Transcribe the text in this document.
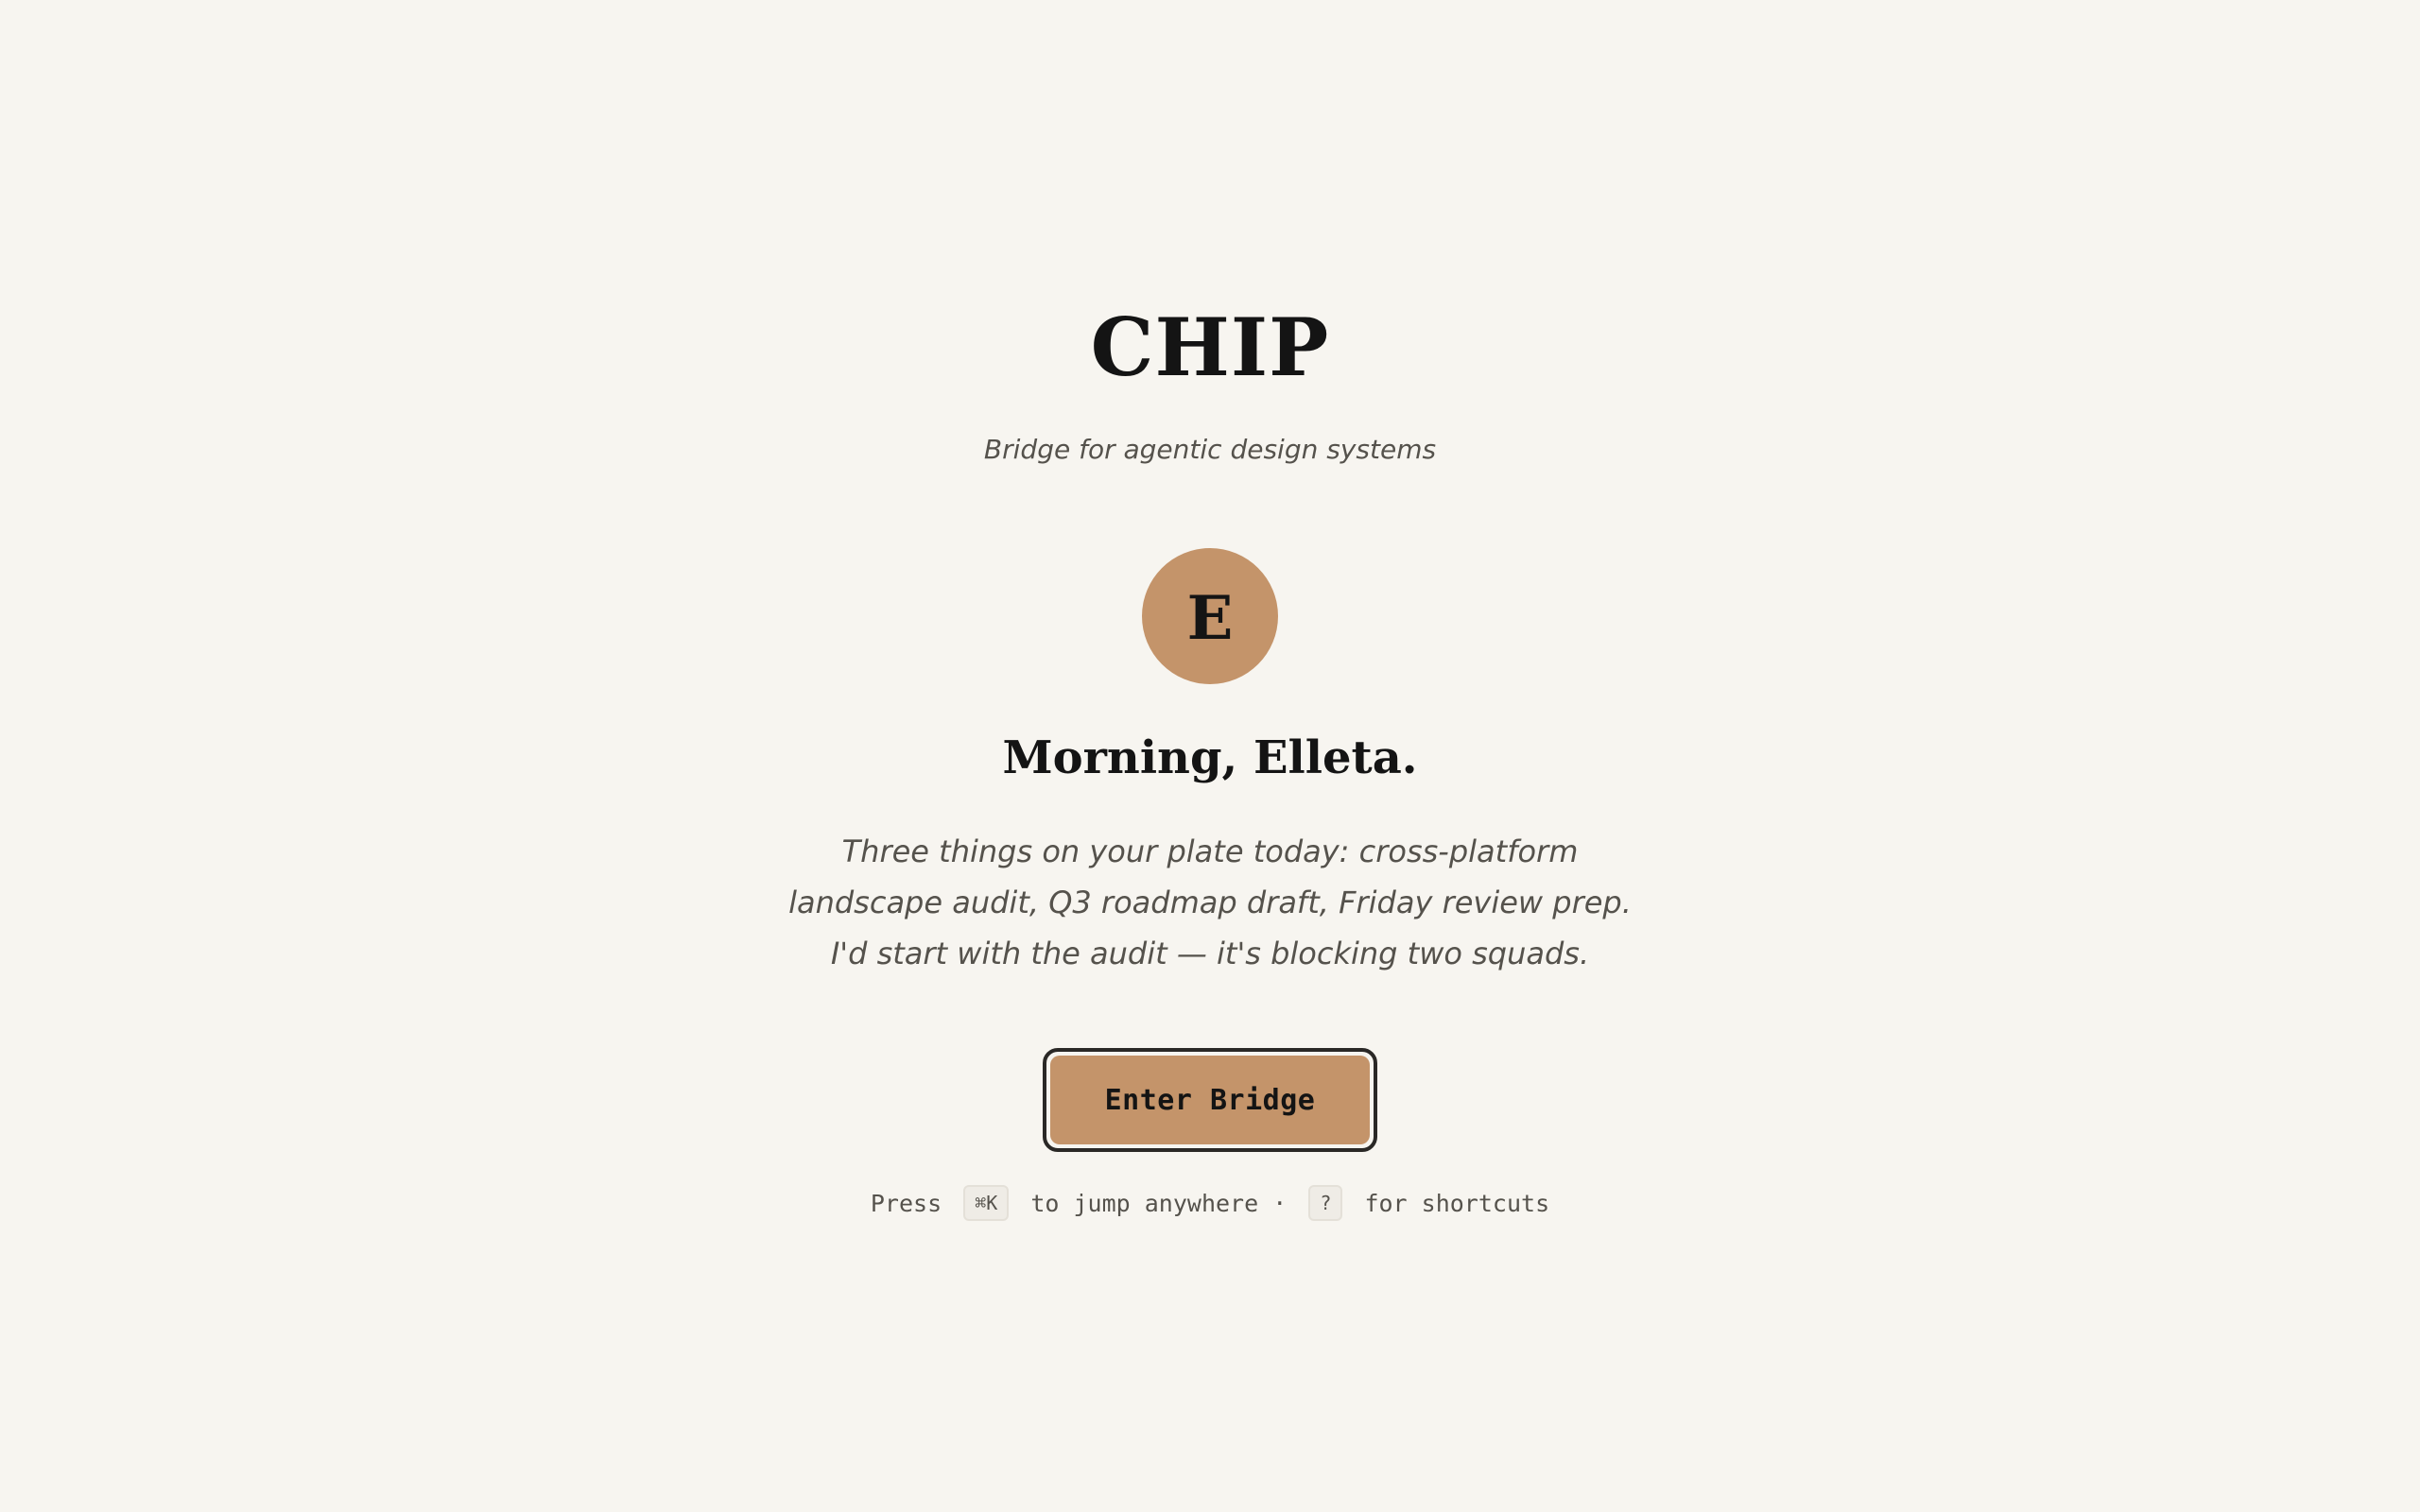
CHIP
Bridge for agentic design systems
E
Morning, Elleta.
Three things on your plate today: cross-platform landscape audit, Q3 roadmap draft, Friday review prep. I'd start with the audit — it's blocking two squads.
Enter Bridge
Press ⌘K to jump anywhere · ? for shortcuts
